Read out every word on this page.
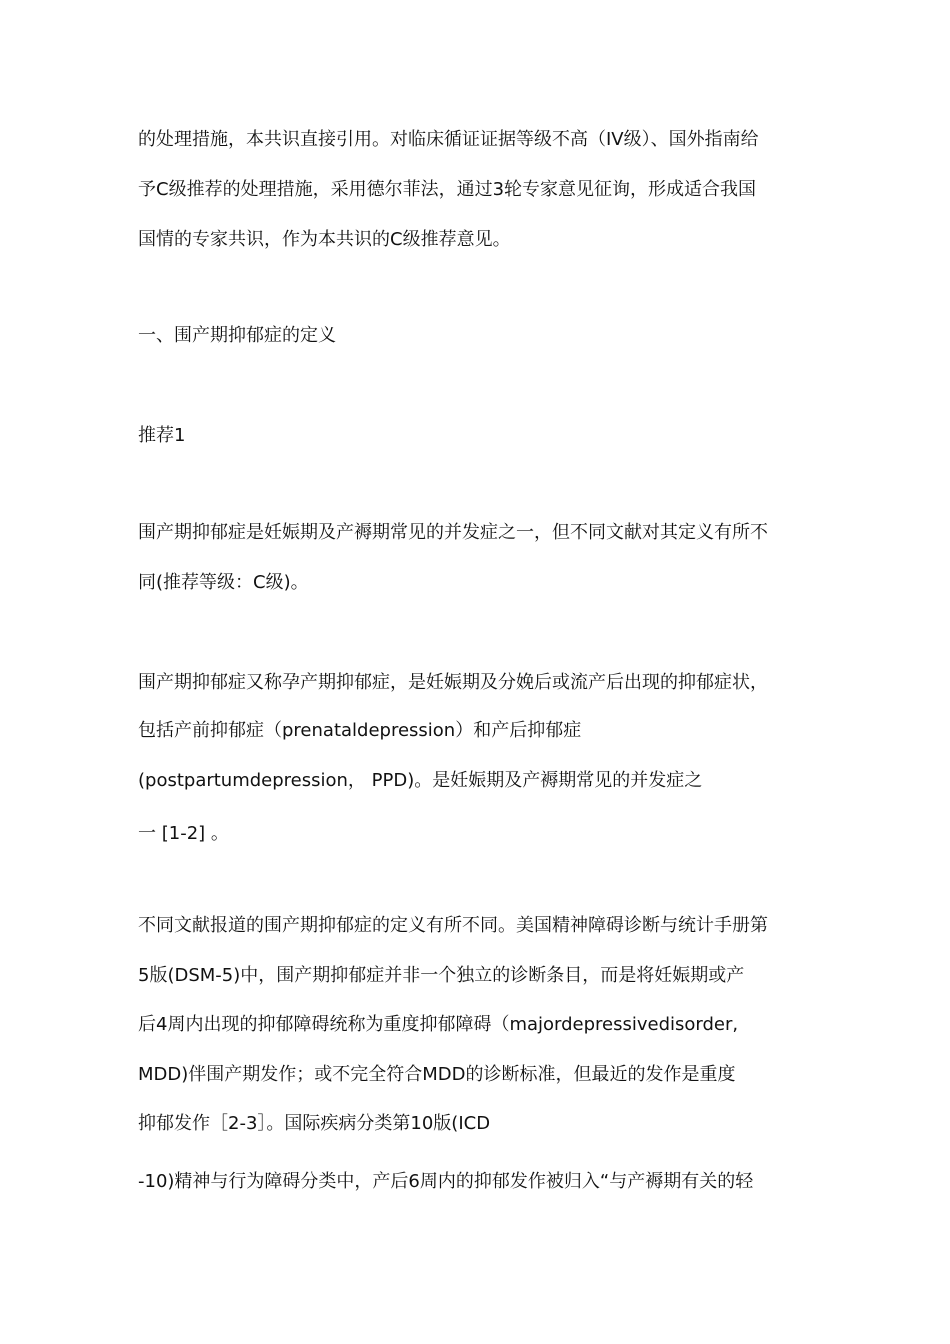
的处理措施，本共识直接引用。对临床循证证据等级不高（IV级）、国外指南给
予C级推荐的处理措施，采用德尔菲法，通过3轮专家意见征询，形成适合我国
国情的专家共识，作为本共识的C级推荐意见。
一、围产期抑郁症的定义
推荐1
围产期抑郁症是妊娠期及产褥期常见的并发症之一，但不同文献对其定义有所不
同(推荐等级：C级)。
围产期抑郁症又称孕产期抑郁症，是妊娠期及分娩后或流产后出现的抑郁症状，
包括产前抑郁症（prenataldepression）和产后抑郁症
(postpartumdepression， PPD)。是妊娠期及产褥期常见的并发症之
一 [1-2] 。
不同文献报道的围产期抑郁症的定义有所不同。美国精神障碍诊断与统计手册第
5版(DSM-5)中，围产期抑郁症并非一个独立的诊断条目，而是将妊娠期或产
后4周内出现的抑郁障碍统称为重度抑郁障碍（majordepressivedisorder,
MDD)伴围产期发作；或不完全符合MDD的诊断标准，但最近的发作是重度
抑郁发作［2-3］。国际疾病分类第10版(ICD
-10)精神与行为障碍分类中，产后6周内的抑郁发作被归入“与产褥期有关的轻
